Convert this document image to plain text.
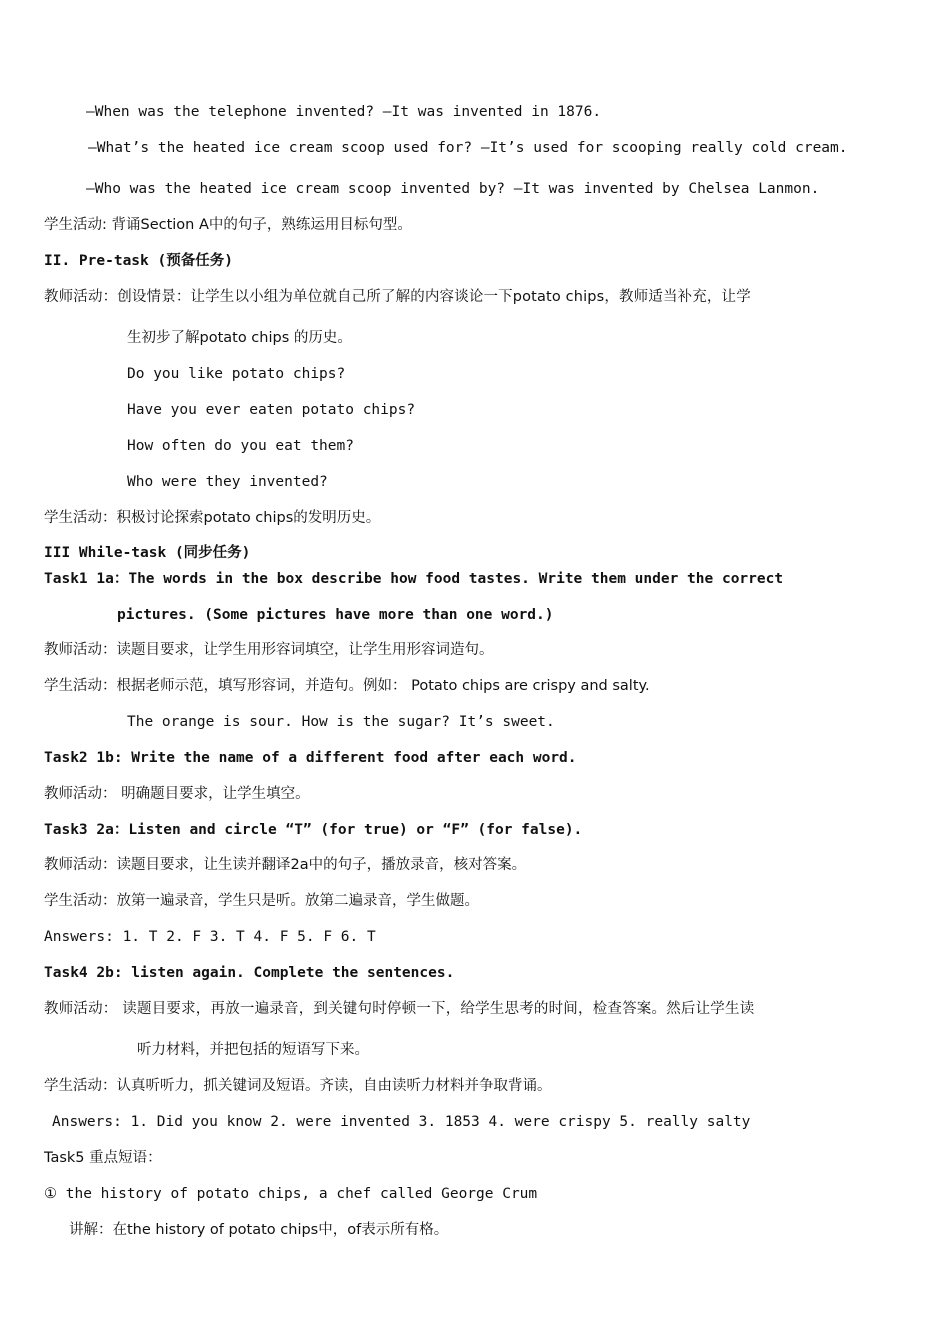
—When was the telephone invented? —It was invented in 1876.
—What’s the heated ice cream scoop used for? —It’s used for scooping really cold cream.
—Who was the heated ice cream scoop invented by? —It was invented by Chelsea Lanmon.
学生活动: 背诵Section A中的句子，熟练运用目标句型。
II. Pre-task (预备任务)
教师活动：创设情景：让学生以小组为单位就自己所了解的内容谈论一下potato chips，教师适当补充，让学
生初步了解potato chips 的历史。
Do you like potato chips?
Have you ever eaten potato chips?
How often do you eat them?
Who were they invented?
学生活动：积极讨论探索potato chips的发明历史。
III While-task (同步任务)
Task1 1a：The words in the box describe how food tastes. Write them under the correct
pictures. (Some pictures have more than one word.)
教师活动：读题目要求，让学生用形容词填空，让学生用形容词造句。
学生活动：根据老师示范，填写形容词，并造句。例如： Potato chips are crispy and salty.
The orange is sour. How is the sugar? It’s sweet.
Task2 1b: Write the name of a different food after each word.
教师活动： 明确题目要求，让学生填空。
Task3 2a：Listen and circle “T” (for true) or “F” (for false).
教师活动：读题目要求，让生读并翻译2a中的句子，播放录音，核对答案。
学生活动：放第一遍录音，学生只是听。放第二遍录音，学生做题。
Answers: 1. T 2. F 3. T 4. F 5. F 6. T
Task4 2b: listen again. Complete the sentences.
教师活动： 读题目要求，再放一遍录音，到关键句时停顿一下，给学生思考的时间，检查答案。然后让学生读
听力材料，并把包括的短语写下来。
学生活动：认真听听力，抓关键词及短语。齐读，自由读听力材料并争取背诵。
Answers: 1. Did you know 2. were invented 3. 1853 4. were crispy 5. really salty
Task5 重点短语：
① the history of potato chips, a chef called George Crum
讲解：在the history of potato chips中，of表示所有格。
